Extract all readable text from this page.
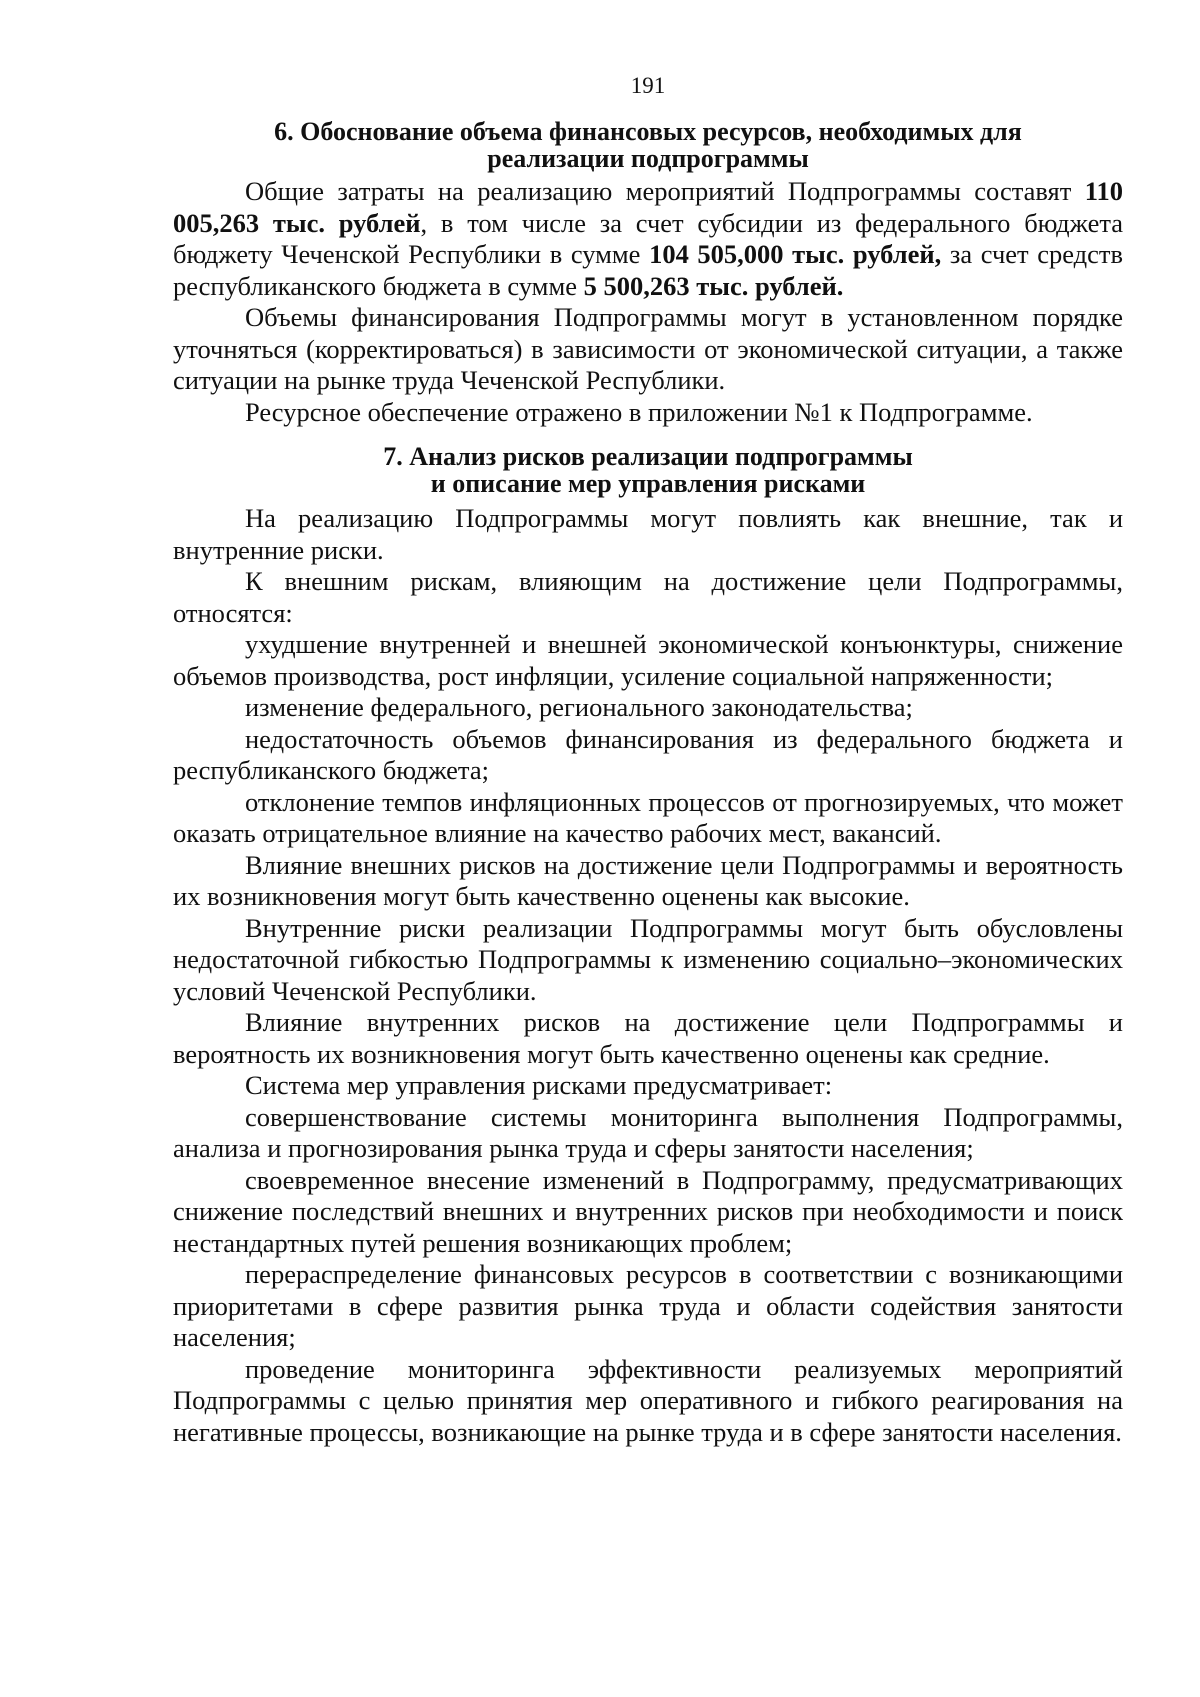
191
6. Обоснование объема финансовых ресурсов, необходимых для
реализации подпрограммы

Общие затраты на реализацию мероприятий Подпрограммы составят 110 005,263 тыс. рублей, в том числе за счет субсидии из федерального бюджета бюджету Чеченской Республики в сумме 104 505,000 тыс. рублей, за счет средств республиканского бюджета в сумме 5 500,263 тыс. рублей.

Объемы финансирования Подпрограммы могут в установленном порядке уточняться (корректироваться) в зависимости от экономической ситуации, а также ситуации на рынке труда Чеченской Республики.

Ресурсное обеспечение отражено в приложении №1 к Подпрограмме.

7. Анализ рисков реализации подпрограммы
и описание мер управления рисками

На реализацию Подпрограммы могут повлиять как внешние, так и внутренние риски.

К внешним рискам, влияющим на достижение цели Подпрограммы, относятся:

ухудшение внутренней и внешней экономической конъюнктуры, снижение объемов производства, рост инфляции, усиление социальной напряженности;

изменение федерального, регионального законодательства;

недостаточность объемов финансирования из федерального бюджета и республиканского бюджета;

отклонение темпов инфляционных процессов от прогнозируемых, что может оказать отрицательное влияние на качество рабочих мест, вакансий.

Влияние внешних рисков на достижение цели Подпрограммы и вероятность их возникновения могут быть качественно оценены как высокие.

Внутренние риски реализации Подпрограммы могут быть обусловлены недостаточной гибкостью Подпрограммы к изменению социально–экономических условий Чеченской Республики.

Влияние внутренних рисков на достижение цели Подпрограммы и вероятность их возникновения могут быть качественно оценены как средние.

Система мер управления рисками предусматривает:

совершенствование системы мониторинга выполнения Подпрограммы, анализа и прогнозирования рынка труда и сферы занятости населения;

своевременное внесение изменений в Подпрограмму, предусматривающих снижение последствий внешних и внутренних рисков при необходимости и поиск нестандартных путей решения возникающих проблем;

перераспределение финансовых ресурсов в соответствии с возникающими приоритетами в сфере развития рынка труда и области содействия занятости населения;

проведение мониторинга эффективности реализуемых мероприятий Подпрограммы с целью принятия мер оперативного и гибкого реагирования на негативные процессы, возникающие на рынке труда и в сфере занятости населения.
